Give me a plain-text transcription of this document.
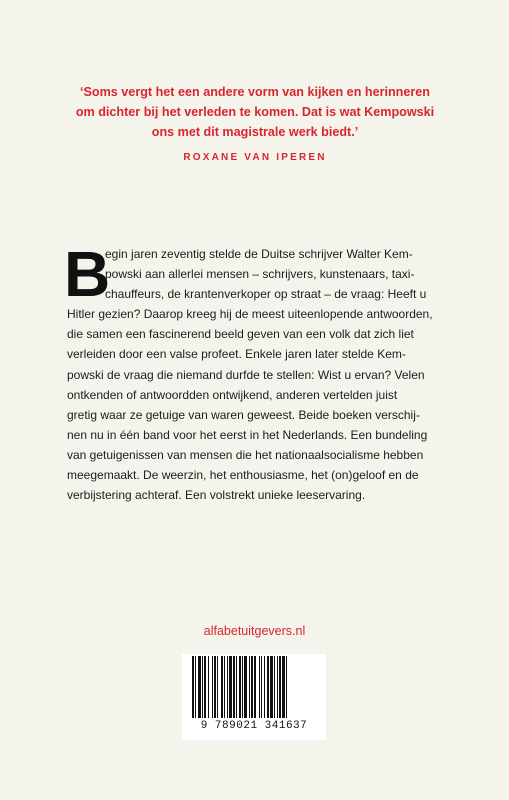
‘Soms vergt het een andere vorm van kijken en herinneren
om dichter bij het verleden te komen. Dat is wat Kempowski
ons met dit magistrale werk biedt.’
ROXANE VAN IPEREN
B
egin jaren zeventig stelde de Duitse schrijver Walter Kem-
powski aan allerlei mensen – schrijvers, kunstenaars, taxi-
chauffeurs, de krantenverkoper op straat – de vraag: Heeft u
Hitler gezien? Daarop kreeg hij de meest uiteenlopende antwoorden,
die samen een fascinerend beeld geven van een volk dat zich liet
verleiden door een valse profeet. Enkele jaren later stelde Kem-
powski de vraag die niemand durfde te stellen: Wist u ervan? Velen
ontkenden of antwoordden ontwijkend, anderen vertelden juist
gretig waar ze getuige van waren geweest. Beide boeken verschij-
nen nu in één band voor het eerst in het Nederlands. Een bundeling
van getuigenissen van mensen die het nationaalsocialisme hebben
meegemaakt. De weerzin, het enthousiasme, het (on)geloof en de
verbijstering achteraf. Een volstrekt unieke leeservaring.
alfabetuitgevers.nl
9 789021 341637
